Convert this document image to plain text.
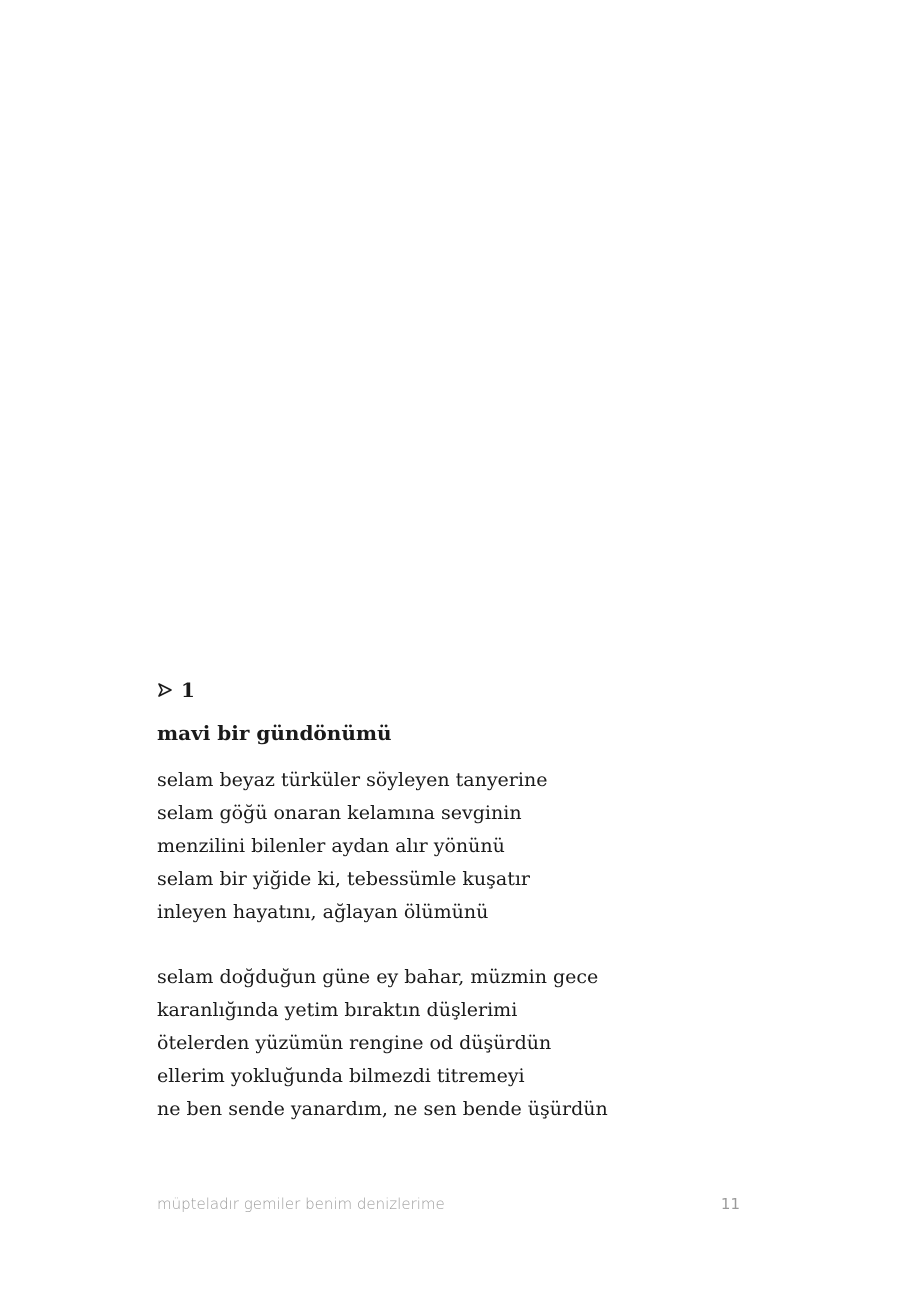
1
mavi bir gündönümü
selam beyaz türküler söyleyen tanyerine
selam göğü onaran kelamına sevginin
menzilini bilenler aydan alır yönünü
selam bir yiğide ki, tebessümle kuşatır
inleyen hayatını, ağlayan ölümünü
selam doğduğun güne ey bahar, müzmin gece
karanlığında yetim bıraktın düşlerimi
ötelerden yüzümün rengine od düşürdün
ellerim yokluğunda bilmezdi titremeyi
ne ben sende yanardım, ne sen bende üşürdün
müpteladır gemiler benim denizlerime	11
